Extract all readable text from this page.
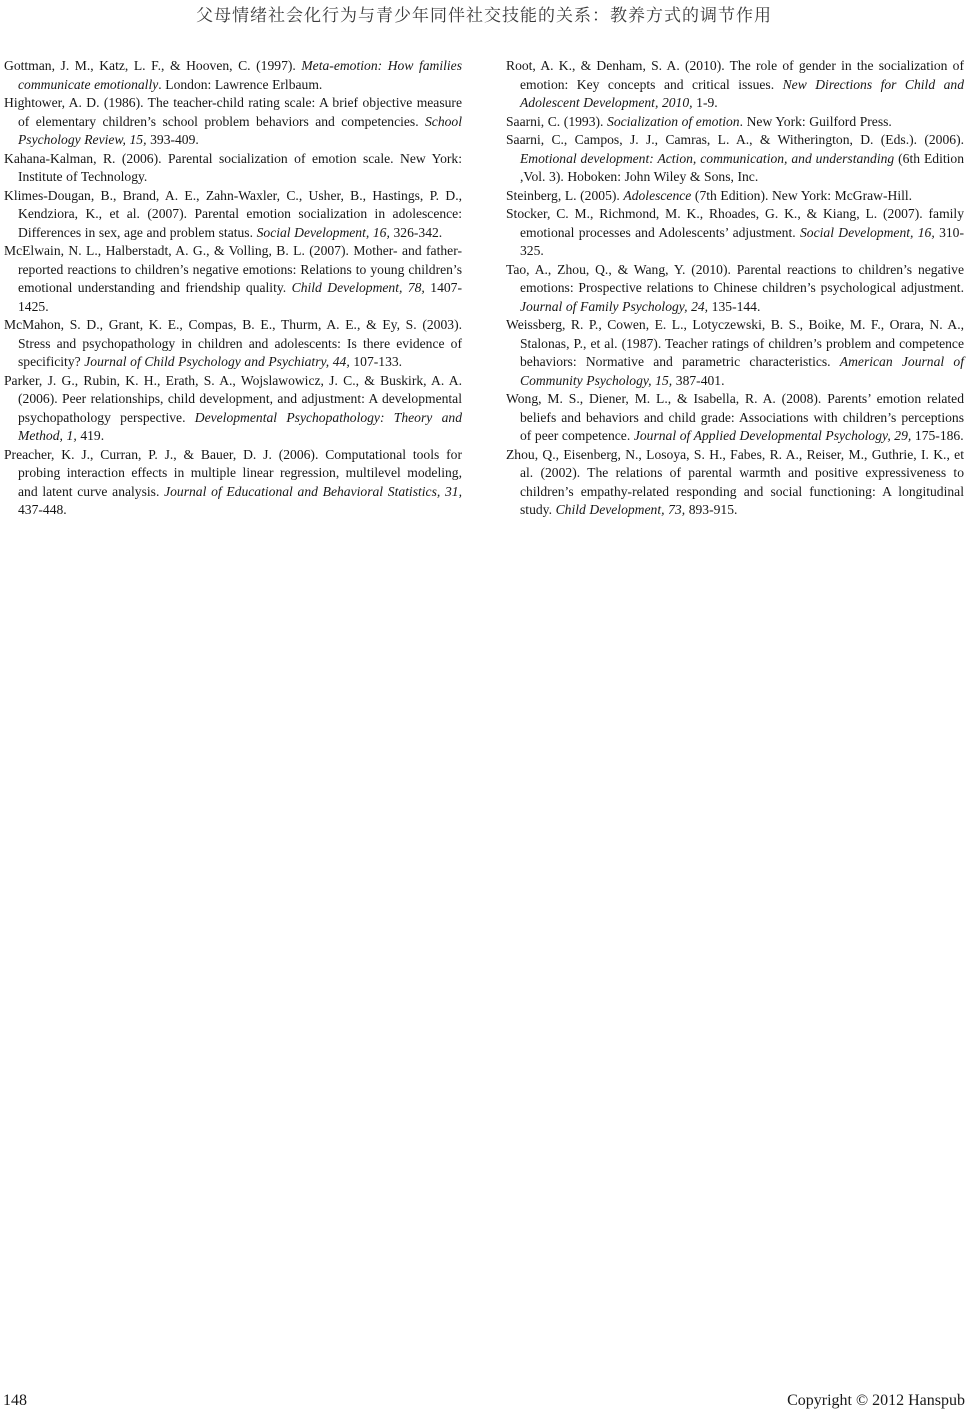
父母情绪社会化行为与青少年同伴社交技能的关系：教养方式的调节作用

Gottman, J. M., Katz, L. F., & Hooven, C. (1997). Meta-emotion: How families communicate emotionally. London: Lawrence Erlbaum.

Hightower, A. D. (1986). The teacher-child rating scale: A brief objective measure of elementary children’s school problem behaviors and competencies. School Psychology Review, 15, 393-409.

Kahana-Kalman, R. (2006). Parental socialization of emotion scale. New York: Institute of Technology.

Klimes-Dougan, B., Brand, A. E., Zahn-Waxler, C., Usher, B., Hastings, P. D., Kendziora, K., et al. (2007). Parental emotion socialization in adolescence: Differences in sex, age and problem status. Social Development, 16, 326-342.

McElwain, N. L., Halberstadt, A. G., & Volling, B. L. (2007). Mother- and father-reported reactions to children’s negative emotions: Relations to young children’s emotional understanding and friendship quality. Child Development, 78, 1407-1425.

McMahon, S. D., Grant, K. E., Compas, B. E., Thurm, A. E., & Ey, S. (2003). Stress and psychopathology in children and adolescents: Is there evidence of specificity? Journal of Child Psychology and Psychiatry, 44, 107-133.

Parker, J. G., Rubin, K. H., Erath, S. A., Wojslawowicz, J. C., & Buskirk, A. A. (2006). Peer relationships, child development, and adjustment: A developmental psychopathology perspective. Developmental Psychopathology: Theory and Method, 1, 419.

Preacher, K. J., Curran, P. J., & Bauer, D. J. (2006). Computational tools for probing interaction effects in multiple linear regression, multilevel modeling, and latent curve analysis. Journal of Educational and Behavioral Statistics, 31, 437-448.

Root, A. K., & Denham, S. A. (2010). The role of gender in the socialization of emotion: Key concepts and critical issues. New Directions for Child and Adolescent Development, 2010, 1-9.

Saarni, C. (1993). Socialization of emotion. New York: Guilford Press.

Saarni, C., Campos, J. J., Camras, L. A., & Witherington, D. (Eds.). (2006). Emotional development: Action, communication, and understanding (6th Edition ,Vol. 3). Hoboken: John Wiley & Sons, Inc.

Steinberg, L. (2005). Adolescence (7th Edition). New York: McGraw-Hill.

Stocker, C. M., Richmond, M. K., Rhoades, G. K., & Kiang, L. (2007). family emotional processes and Adolescents’ adjustment. Social Development, 16, 310-325.

Tao, A., Zhou, Q., & Wang, Y. (2010). Parental reactions to children’s negative emotions: Prospective relations to Chinese children’s psychological adjustment. Journal of Family Psychology, 24, 135-144.

Weissberg, R. P., Cowen, E. L., Lotyczewski, B. S., Boike, M. F., Orara, N. A., Stalonas, P., et al. (1987). Teacher ratings of children’s problem and competence behaviors: Normative and parametric characteristics. American Journal of Community Psychology, 15, 387-401.

Wong, M. S., Diener, M. L., & Isabella, R. A. (2008). Parents’ emotion related beliefs and behaviors and child grade: Associations with children’s perceptions of peer competence. Journal of Applied Developmental Psychology, 29, 175-186.

Zhou, Q., Eisenberg, N., Losoya, S. H., Fabes, R. A., Reiser, M., Guthrie, I. K., et al. (2002). The relations of parental warmth and positive expressiveness to children’s empathy-related responding and social functioning: A longitudinal study. Child Development, 73, 893-915.

148	Copyright © 2012 Hanspub
